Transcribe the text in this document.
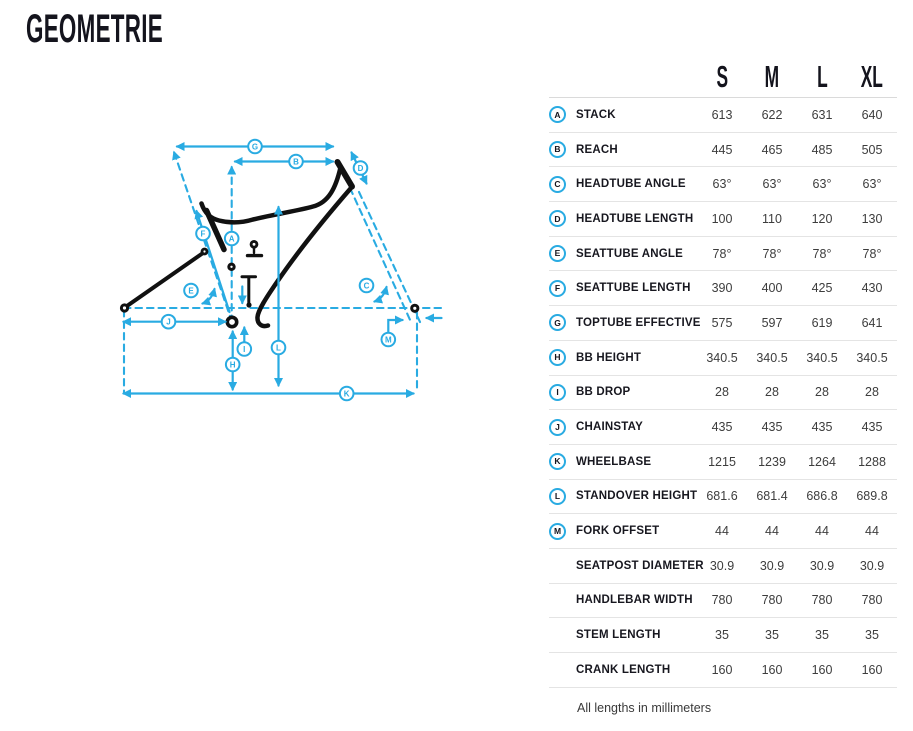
GEOMETRIE
A
B
C
D
E
F
G
H
I
J
K
L
M
S	M	L	XL
A STACK	613	622	631	640
B REACH	445	465	485	505
C HEADTUBE ANGLE	63°	63°	63°	63°
D HEADTUBE LENGTH	100	110	120	130
E SEATTUBE ANGLE	78°	78°	78°	78°
F SEATTUBE LENGTH	390	400	425	430
G TOPTUBE EFFECTIVE 575	597	619	641
H BB HEIGHT	340.5	340.5	340.5	340.5
I BB DROP	28	28	28	28
J CHAINSTAY	435	435	435	435
K WHEELBASE	1215	1239	1264	1288
L STANDOVER HEIGHT 681.6	681.4	686.8	689.8
M FORK OFFSET	44	44	44	44
SEATPOST DIAMETER 30.9	30.9	30.9	30.9
HANDLEBAR WIDTH	780	780	780	780
STEM LENGTH	35	35	35	35
CRANK LENGTH	160	160	160	160
All lengths in millimeters
